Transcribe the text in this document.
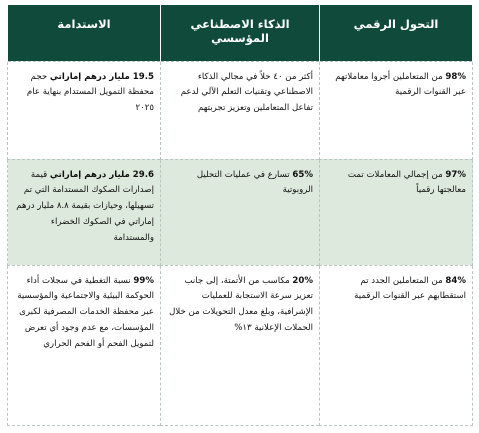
التحول الرقمي	الذكاء الاصطناعي المؤسسي	الاستدامة
98% من المتعاملين أجروا معاملاتهم عبر القنوات الرقمية	أكثر من ٤٠ حلاً في مجالي الذكاء الاصطناعي وتقنيات التعلم الآلي لدعم تفاعل المتعاملين وتعزيز تجربتهم	19.5 مليار درهم إماراتي حجم محفظة التمويل المستدام بنهاية عام ٢٠٢٥
97% من إجمالي المعاملات تمت معالجتها رقمياً	65% تسارع في عمليات التحليل الروبوتية	29.6 مليار درهم إماراتي قيمة إصدارات الصكوك المستدامة التي تم تسهيلها، وحيازات بقيمة ٨.٨ مليار درهم إماراتي في الصكوك الخضراء والمستدامة
84% من المتعاملين الجدد تم استقطابهم عبر القنوات الرقمية	20% مكاسب من الأتمتة، إلى جانب تعزيز سرعة الاستجابة للعمليات الإشرافية، وبلغ معدل التحويلات من خلال الحملات الإعلانية ١٣%	99% نسبة التغطية في سجلات أداء الحوكمة البيئية والاجتماعية والمؤسسية عبر محفظة الخدمات المصرفية لكبرى المؤسسات، مع عدم وجود أي تعرض لتمويل الفحم أو الفحم الحراري
